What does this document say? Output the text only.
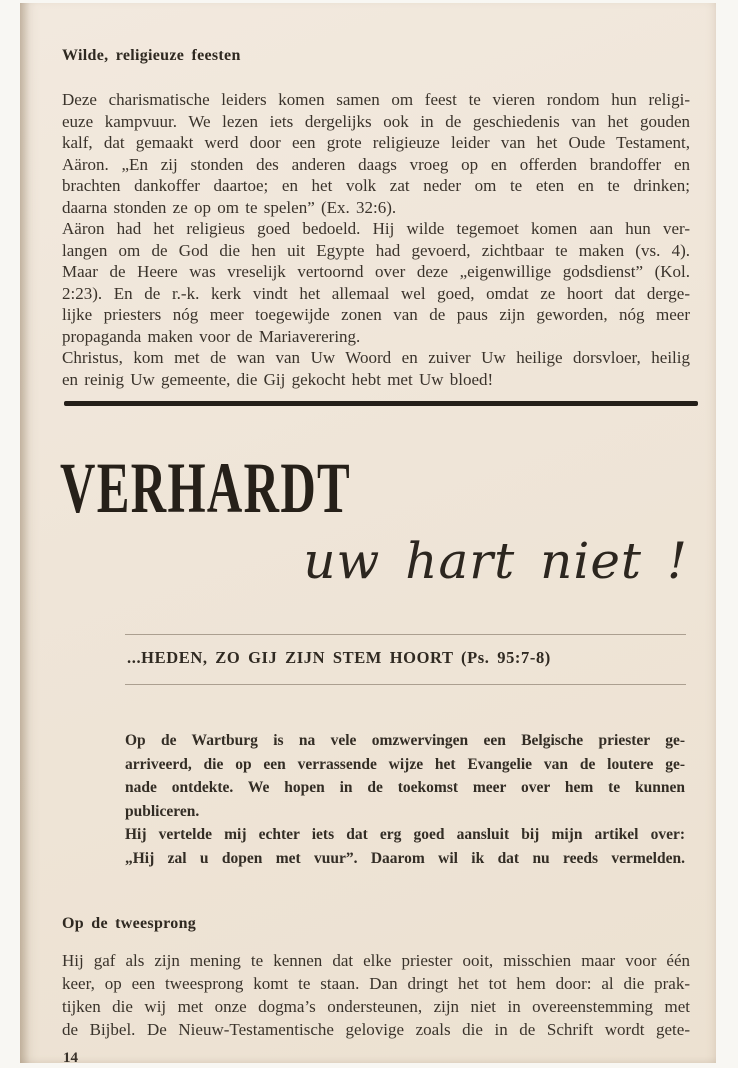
Wilde, religieuze feesten
Deze charismatische leiders komen samen om feest te vieren rondom hun religi-
euze kampvuur. We lezen iets dergelijks ook in de geschiedenis van het gouden
kalf, dat gemaakt werd door een grote religieuze leider van het Oude Testament,
Aäron. „En zij stonden des anderen daags vroeg op en offerden brandoffer en
brachten dankoffer daartoe; en het volk zat neder om te eten en te drinken;
daarna stonden ze op om te spelen” (Ex. 32:6).
Aäron had het religieus goed bedoeld. Hij wilde tegemoet komen aan hun ver-
langen om de God die hen uit Egypte had gevoerd, zichtbaar te maken (vs. 4).
Maar de Heere was vreselijk vertoornd over deze „eigenwillige godsdienst” (Kol.
2:23). En de r.-k. kerk vindt het allemaal wel goed, omdat ze hoort dat derge-
lijke priesters nóg meer toegewijde zonen van de paus zijn geworden, nóg meer
propaganda maken voor de Mariaverering.
Christus, kom met de wan van Uw Woord en zuiver Uw heilige dorsvloer, heilig
en reinig Uw gemeente, die Gij gekocht hebt met Uw bloed!
VERHARDT
uw hart niet !
...HEDEN, ZO GIJ ZIJN STEM HOORT (Ps. 95:7-8)
Op de Wartburg is na vele omzwervingen een Belgische priester ge-
arriveerd, die op een verrassende wijze het Evangelie van de loutere ge-
nade ontdekte. We hopen in de toekomst meer over hem te kunnen
publiceren.
Hij vertelde mij echter iets dat erg goed aansluit bij mijn artikel over:
„Hij zal u dopen met vuur”. Daarom wil ik dat nu reeds vermelden.
Op de tweesprong
Hij gaf als zijn mening te kennen dat elke priester ooit, misschien maar voor één
keer, op een tweesprong komt te staan. Dan dringt het tot hem door: al die prak-
tijken die wij met onze dogma’s ondersteunen, zijn niet in overeenstemming met
de Bijbel. De Nieuw-Testamentische gelovige zoals die in de Schrift wordt gete-
14
